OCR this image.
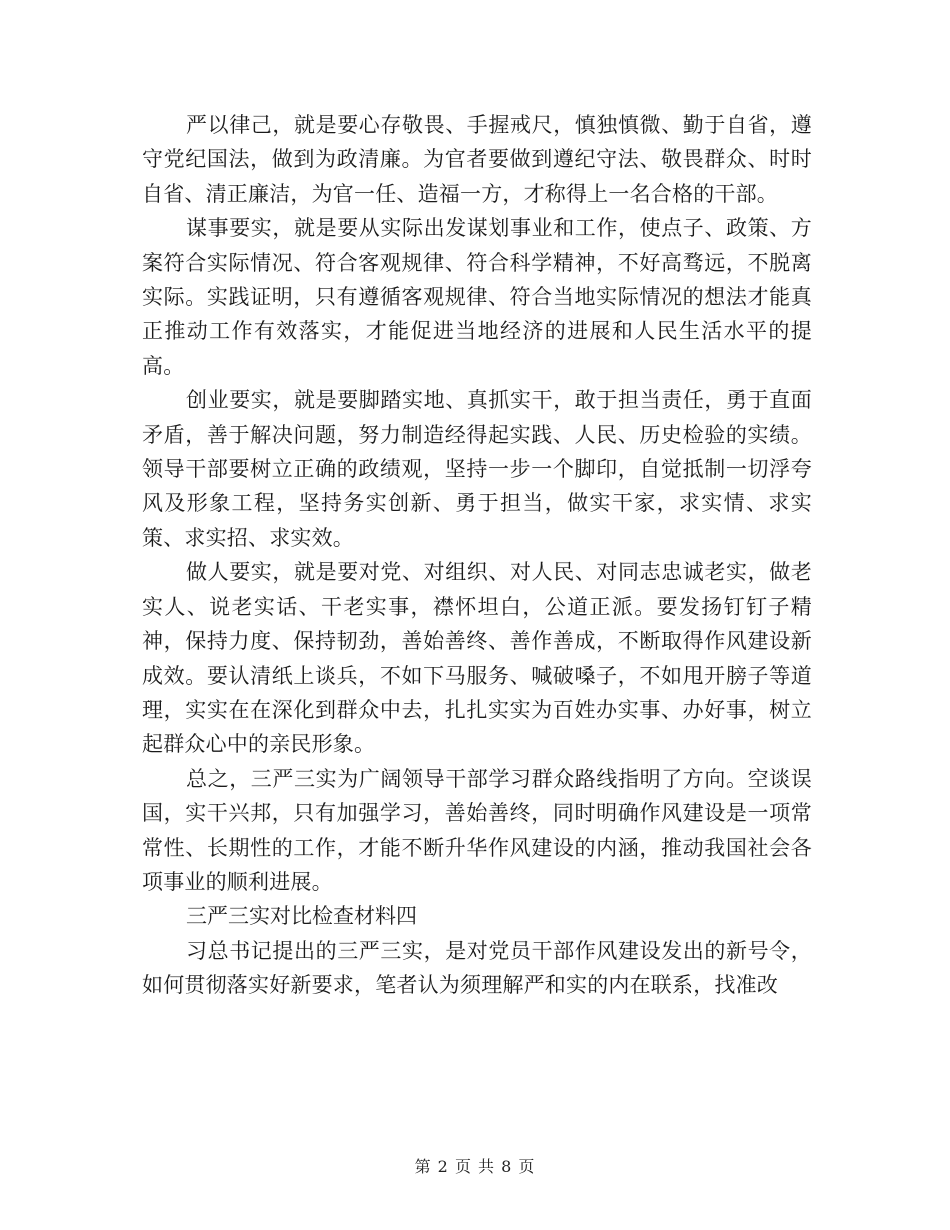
严以律己，就是要心存敬畏、手握戒尺，慎独慎微、勤于自省，遵守党纪国法，做到为政清廉。为官者要做到遵纪守法、敬畏群众、时时自省、清正廉洁，为官一任、造福一方，才称得上一名合格的干部。

谋事要实，就是要从实际出发谋划事业和工作，使点子、政策、方案符合实际情况、符合客观规律、符合科学精神，不好高骛远，不脱离实际。实践证明，只有遵循客观规律、符合当地实际情况的想法才能真正推动工作有效落实，才能促进当地经济的进展和人民生活水平的提高。

创业要实，就是要脚踏实地、真抓实干，敢于担当责任，勇于直面矛盾，善于解决问题，努力制造经得起实践、人民、历史检验的实绩。领导干部要树立正确的政绩观，坚持一步一个脚印，自觉抵制一切浮夸风及形象工程，坚持务实创新、勇于担当，做实干家，求实情、求实策、求实招、求实效。

做人要实，就是要对党、对组织、对人民、对同志忠诚老实，做老实人、说老实话、干老实事，襟怀坦白，公道正派。要发扬钉钉子精神，保持力度、保持韧劲，善始善终、善作善成，不断取得作风建设新成效。要认清纸上谈兵，不如下马服务、喊破嗓子，不如甩开膀子等道理，实实在在深化到群众中去，扎扎实实为百姓办实事、办好事，树立起群众心中的亲民形象。

总之，三严三实为广阔领导干部学习群众路线指明了方向。空谈误国，实干兴邦，只有加强学习，善始善终，同时明确作风建设是一项常常性、长期性的工作，才能不断升华作风建设的内涵，推动我国社会各项事业的顺利进展。

三严三实对比检查材料四

习总书记提出的三严三实，是对党员干部作风建设发出的新号令，如何贯彻落实好新要求，笔者认为须理解严和实的内在联系，找准改

第 2 页 共 8 页
